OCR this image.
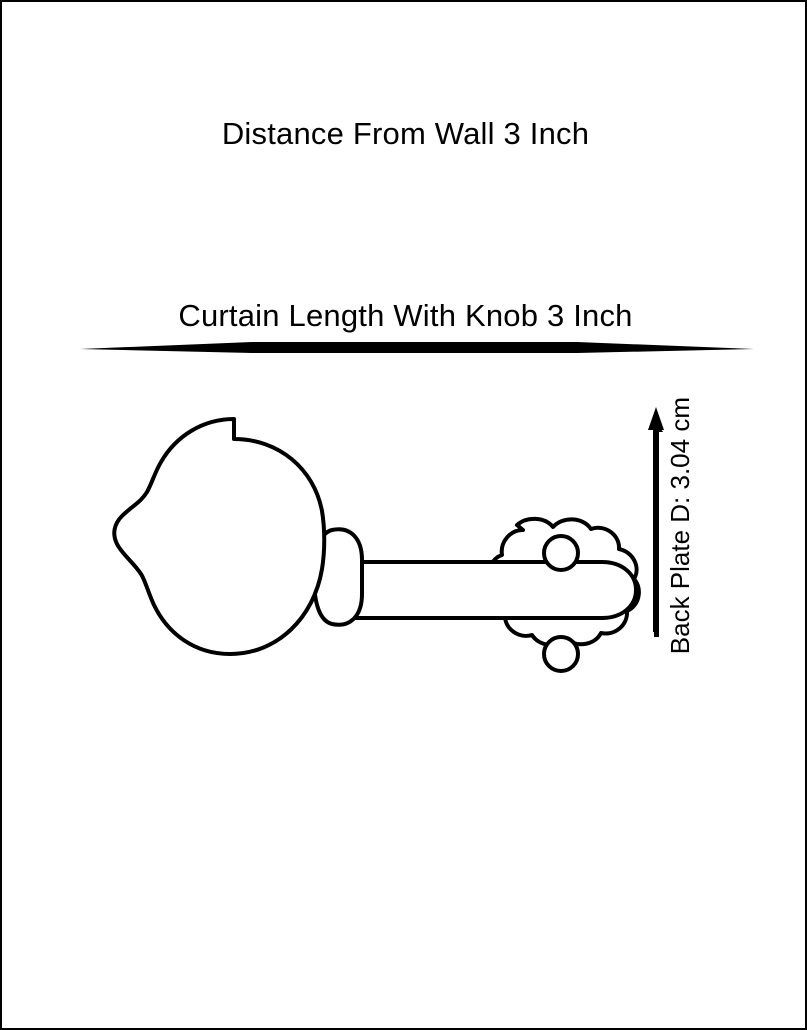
Distance From Wall 3 Inch
Curtain Length With Knob 3 Inch
Back Plate D: 3.04 cm
